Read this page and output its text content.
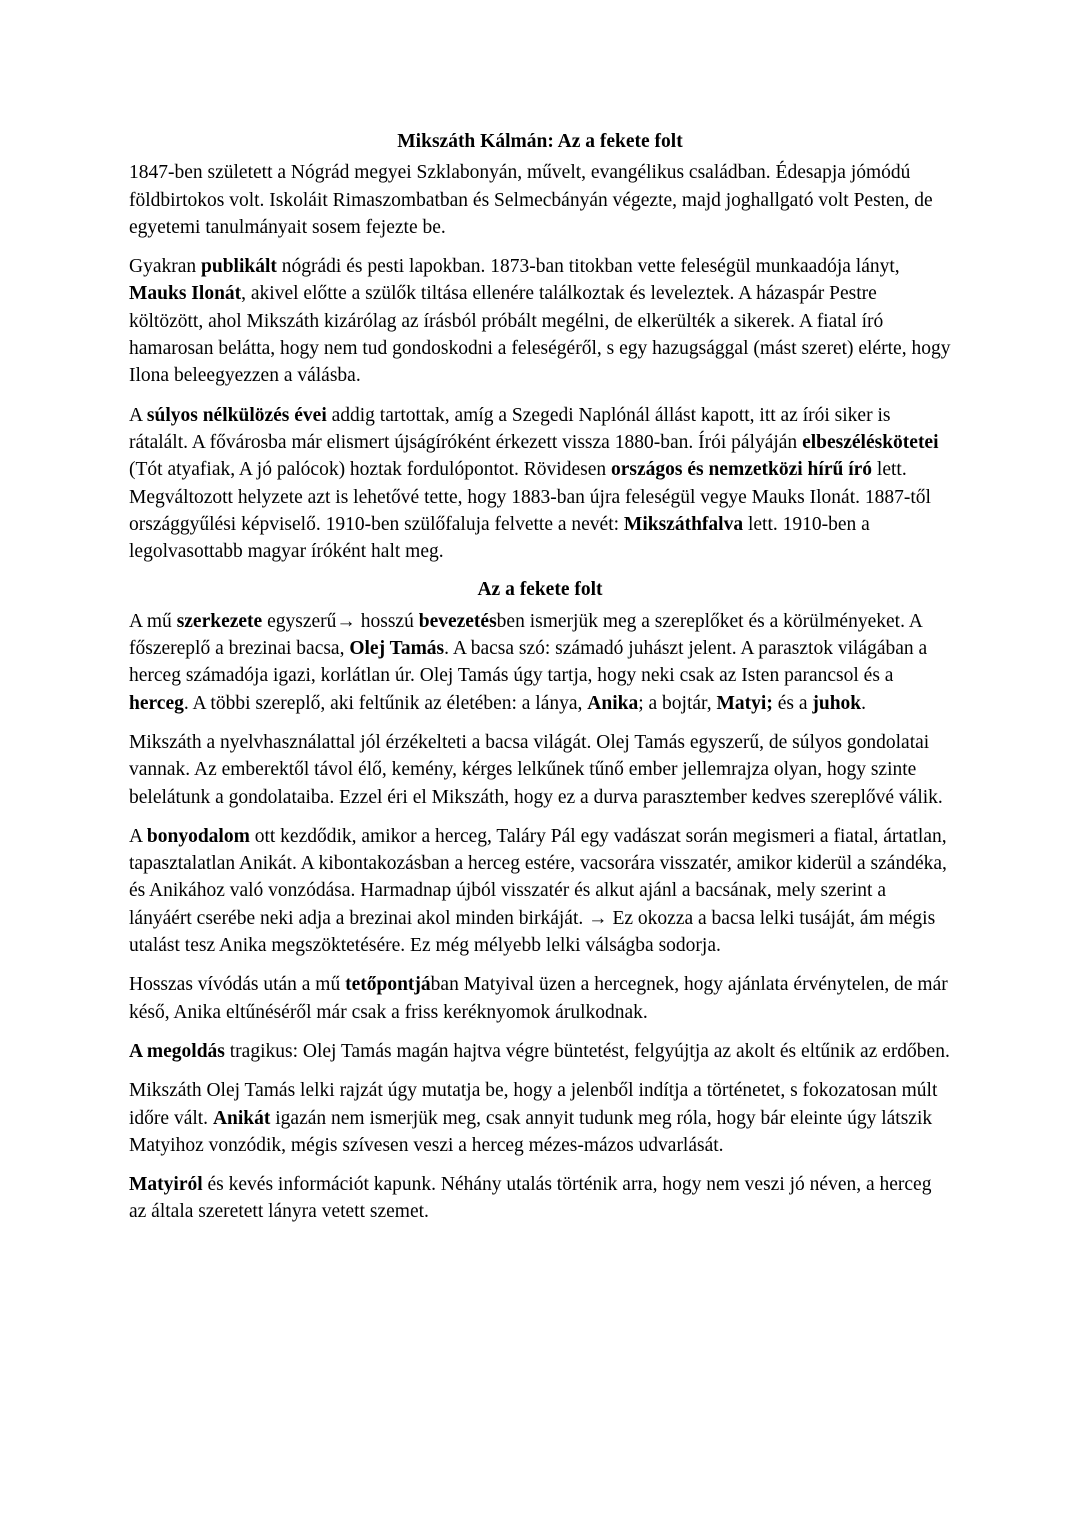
Mikszáth Kálmán: Az a fekete folt

1847-ben született a Nógrád megyei Szklabonyán, művelt, evangélikus családban. Édesapja jómódú földbirtokos volt. Iskoláit Rimaszombatban és Selmecbányán végezte, majd joghallgató volt Pesten, de egyetemi tanulmányait sosem fejezte be.

Gyakran publikált nógrádi és pesti lapokban. 1873-ban titokban vette feleségül munkaadója lányt, Mauks Ilonát, akivel előtte a szülők tiltása ellenére találkoztak és leveleztek. A házaspár Pestre költözött, ahol Mikszáth kizárólag az írásból próbált megélni, de elkerülték a sikerek. A fiatal író hamarosan belátta, hogy nem tud gondoskodni a feleségéről, s egy hazugsággal (mást szeret) elérte, hogy Ilona beleegyezzen a válásba.

A súlyos nélkülözés évei addig tartottak, amíg a Szegedi Naplónál állást kapott, itt az írói siker is rátalált. A fővárosba már elismert újságíróként érkezett vissza 1880-ban. Írói pályáján elbeszéléskötetei (Tót atyafiak, A jó palócok) hoztak fordulópontot. Rövidesen országos és nemzetközi hírű író lett. Megváltozott helyzete azt is lehetővé tette, hogy 1883-ban újra feleségül vegye Mauks Ilonát. 1887-től országgyűlési képviselő. 1910-ben szülőfaluja felvette a nevét: Mikszáthfalva lett. 1910-ben a legolvasottabb magyar íróként halt meg.

Az a fekete folt

A mű szerkezete egyszerű→ hosszú bevezetésben ismerjük meg a szereplőket és a körülményeket. A főszereplő a brezinai bacsa, Olej Tamás. A bacsa szó: számadó juhászt jelent. A parasztok világában a herceg számadója igazi, korlátlan úr. Olej Tamás úgy tartja, hogy neki csak az Isten parancsol és a herceg. A többi szereplő, aki feltűnik az életében: a lánya, Anika; a bojtár, Matyi; és a juhok.

Mikszáth a nyelvhasználattal jól érzékelteti a bacsa világát. Olej Tamás egyszerű, de súlyos gondolatai vannak. Az emberektől távol élő, kemény, kérges lelkűnek tűnő ember jellemrajza olyan, hogy szinte belelátunk a gondolataiba. Ezzel éri el Mikszáth, hogy ez a durva parasztember kedves szereplővé válik.

A bonyodalom ott kezdődik, amikor a herceg, Taláry Pál egy vadászat során megismeri a fiatal, ártatlan, tapasztalatlan Anikát. A kibontakozásban a herceg estére, vacsorára visszatér, amikor kiderül a szándéka, és Anikához való vonzódása. Harmadnap újból visszatér és alkut ajánl a bacsának, mely szerint a lányáért cserébe neki adja a brezinai akol minden birkáját. → Ez okozza a bacsa lelki tusáját, ám mégis utalást tesz Anika megszöktetésére. Ez még mélyebb lelki válságba sodorja.

Hosszas vívódás után a mű tetőpontjában Matyival üzen a hercegnek, hogy ajánlata érvénytelen, de már késő, Anika eltűnéséről már csak a friss keréknyomok árulkodnak.

A megoldás tragikus: Olej Tamás magán hajtva végre büntetést, felgyújtja az akolt és eltűnik az erdőben.

Mikszáth Olej Tamás lelki rajzát úgy mutatja be, hogy a jelenből indítja a történetet, s fokozatosan múlt időre vált. Anikát igazán nem ismerjük meg, csak annyit tudunk meg róla, hogy bár eleinte úgy látszik Matyihoz vonzódik, mégis szívesen veszi a herceg mézes-mázos udvarlását.

Matyiról és kevés információt kapunk. Néhány utalás történik arra, hogy nem veszi jó néven, a herceg az általa szeretett lányra vetett szemet.
